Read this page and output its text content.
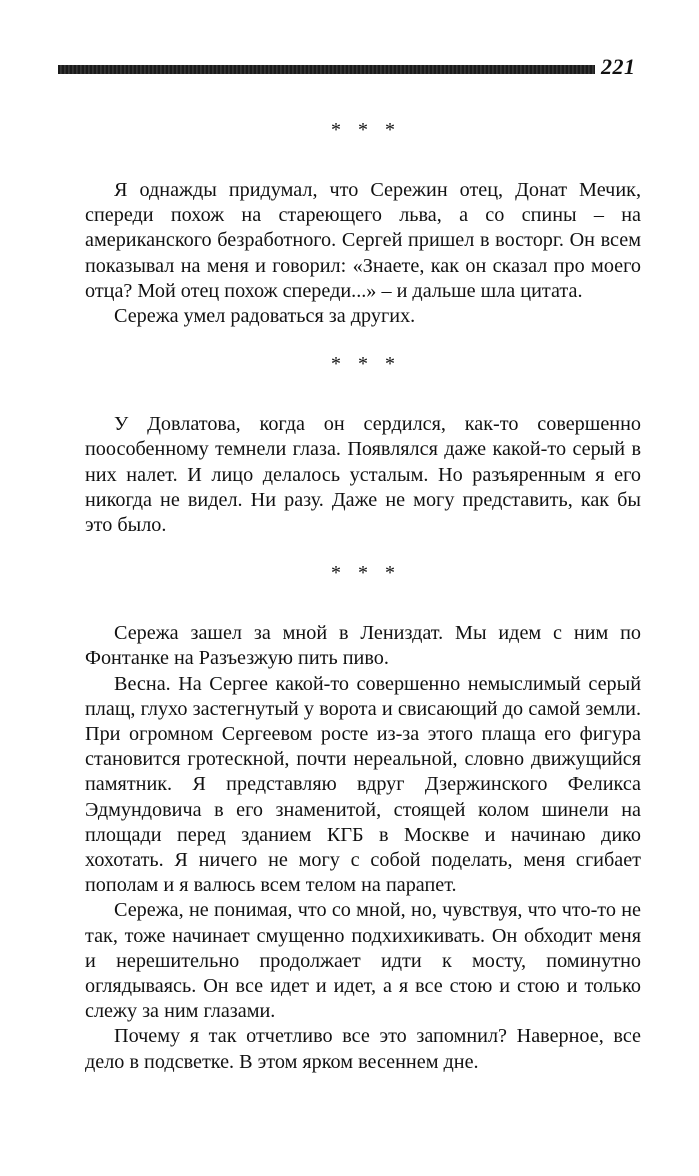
221
* * *

Я однажды придумал, что Сережин отец, Донат Мечик, спереди похож на стареющего льва, а со спины – на американского безработного. Сергей пришел в восторг. Он всем показывал на меня и говорил: «Знаете, как он сказал про моего отца? Мой отец похож спереди...» – и дальше шла цитата.

Сережа умел радоваться за других.

* * *

У Довлатова, когда он сердился, как-то совершенно поособенному темнели глаза. Появлялся даже какой-то серый в них налет. И лицо делалось усталым. Но разъяренным я его никогда не видел. Ни разу. Даже не могу представить, как бы это было.

* * *

Сережа зашел за мной в Лениздат. Мы идем с ним по Фонтанке на Разъезжую пить пиво.

Весна. На Сергее какой-то совершенно немыслимый серый плащ, глухо застегнутый у ворота и свисающий до самой земли. При огромном Сергеевом росте из-за этого плаща его фигура становится гротескной, почти нереальной, словно движущийся памятник. Я представляю вдруг Дзержинского Феликса Эдмундовича в его знаменитой, стоящей колом шинели на площади перед зданием КГБ в Москве и начинаю дико хохотать. Я ничего не могу с собой поделать, меня сгибает пополам и я валюсь всем телом на парапет.

Сережа, не понимая, что со мной, но, чувствуя, что что-то не так, тоже начинает смущенно подхихикивать. Он обходит меня и нерешительно продолжает идти к мосту, поминутно оглядываясь. Он все идет и идет, а я все стою и стою и только слежу за ним глазами.

Почему я так отчетливо все это запомнил? Наверное, все дело в подсветке. В этом ярком весеннем дне.
